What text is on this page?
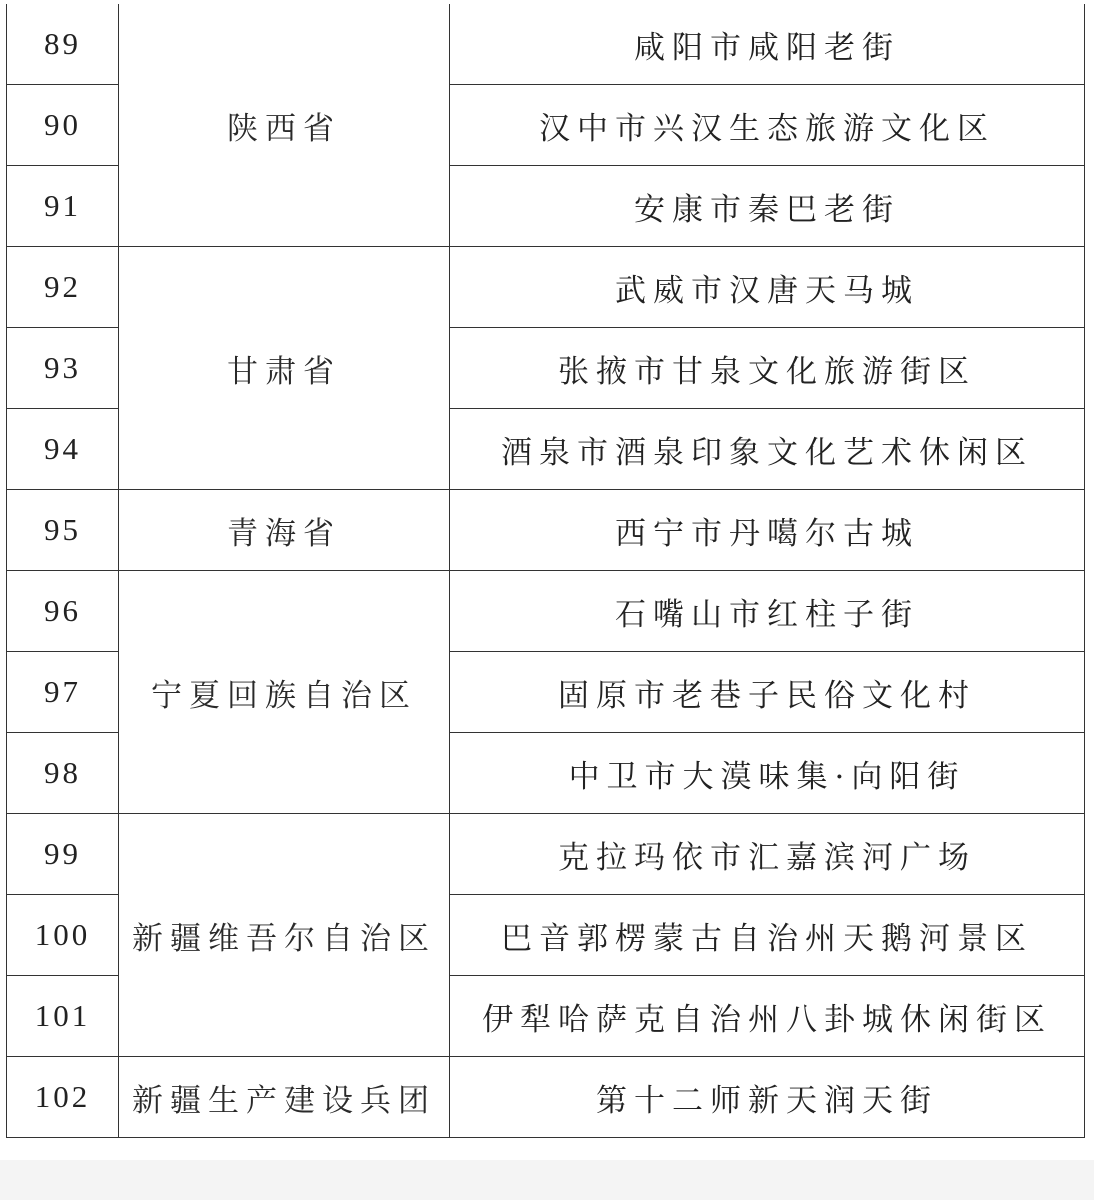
89	陕西省	咸阳市咸阳老街
90		汉中市兴汉生态旅游文化区
91		安康市秦巴老街
92	甘肃省	武威市汉唐天马城
93		张掖市甘泉文化旅游街区
94		酒泉市酒泉印象文化艺术休闲区
95	青海省	西宁市丹噶尔古城
96	宁夏回族自治区	石嘴山市红柱子街
97		固原市老巷子民俗文化村
98		中卫市大漠味集·向阳街
99	新疆维吾尔自治区	克拉玛依市汇嘉滨河广场
100		巴音郭楞蒙古自治州天鹅河景区
101		伊犁哈萨克自治州八卦城休闲街区
102	新疆生产建设兵团	第十二师新天润天街
